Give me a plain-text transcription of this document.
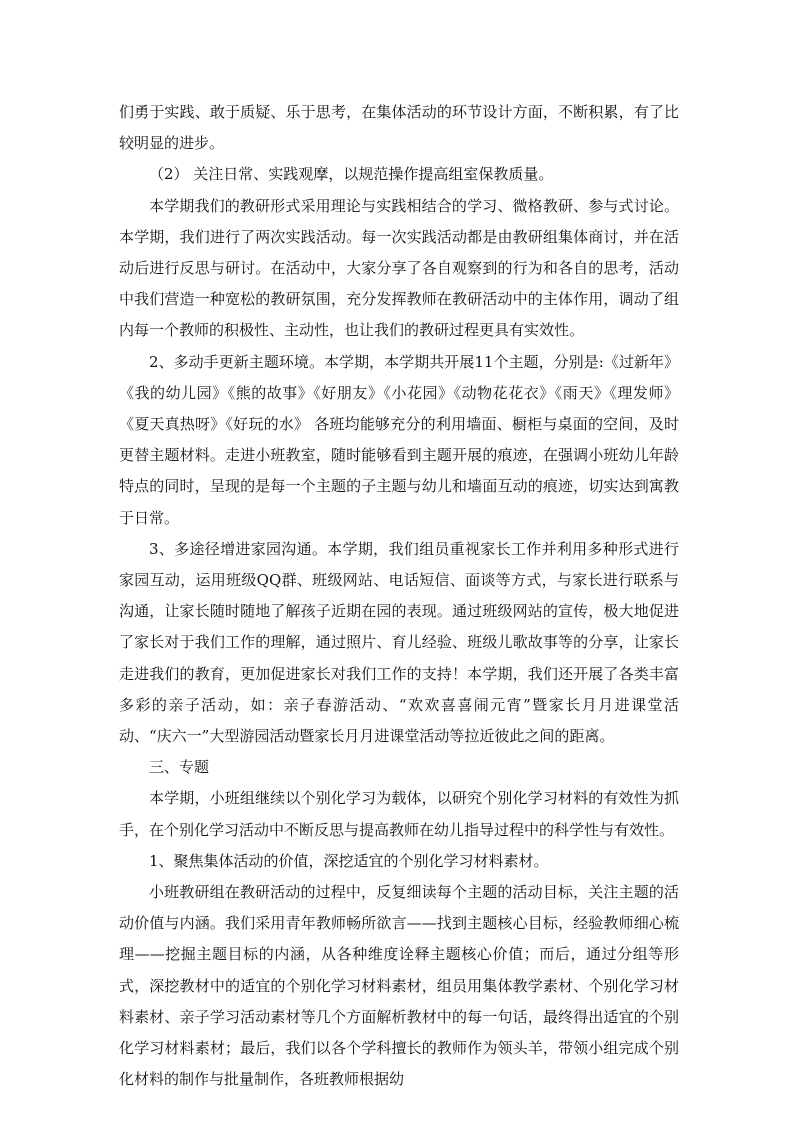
们勇于实践、敢于质疑、乐于思考，在集体活动的环节设计方面，不断积累，有了比较明显的进步。

（2） 关注日常、实践观摩，以规范操作提高组室保教质量。

本学期我们的教研形式采用理论与实践相结合的学习、微格教研、参与式讨论。本学期，我们进行了两次实践活动。每一次实践活动都是由教研组集体商讨，并在活动后进行反思与研讨。在活动中，大家分享了各自观察到的行为和各自的思考，活动中我们营造一种宽松的教研氛围，充分发挥教师在教研活动中的主体作用，调动了组内每一个教师的积极性、主动性，也让我们的教研过程更具有实效性。

2、多动手更新主题环境。本学期，本学期共开展11个主题，分别是:《过新年》《我的幼儿园》《熊的故事》《好朋友》《小花园》《动物花花衣》《雨天》《理发师》《夏天真热呀》《好玩的水》 各班均能够充分的利用墙面、橱柜与桌面的空间，及时更替主题材料。走进小班教室，随时能够看到主题开展的痕迹，在强调小班幼儿年龄特点的同时，呈现的是每一个主题的子主题与幼儿和墙面互动的痕迹，切实达到寓教于日常。

3、多途径增进家园沟通。本学期，我们组员重视家长工作并利用多种形式进行家园互动，运用班级QQ群、班级网站、电话短信、面谈等方式，与家长进行联系与沟通，让家长随时随地了解孩子近期在园的表现。通过班级网站的宣传，极大地促进了家长对于我们工作的理解，通过照片、育儿经验、班级儿歌故事等的分享，让家长走进我们的教育，更加促进家长对我们工作的支持！本学期，我们还开展了各类丰富多彩的亲子活动，如：亲子春游活动、“欢欢喜喜闹元宵”暨家长月月进课堂活动、“庆六一”大型游园活动暨家长月月进课堂活动等拉近彼此之间的距离。

三、专题

本学期，小班组继续以个别化学习为载体，以研究个别化学习材料的有效性为抓手，在个别化学习活动中不断反思与提高教师在幼儿指导过程中的科学性与有效性。

1、聚焦集体活动的价值，深挖适宜的个别化学习材料素材。

小班教研组在教研活动的过程中，反复细读每个主题的活动目标，关注主题的活动价值与内涵。我们采用青年教师畅所欲言——找到主题核心目标，经验教师细心梳理——挖掘主题目标的内涵，从各种维度诠释主题核心价值；而后，通过分组等形式，深挖教材中的适宜的个别化学习材料素材，组员用集体教学素材、个别化学习材料素材、亲子学习活动素材等几个方面解析教材中的每一句话，最终得出适宜的个别化学习材料素材；最后，我们以各个学科擅长的教师作为领头羊，带领小组完成个别化材料的制作与批量制作，各班教师根据幼
